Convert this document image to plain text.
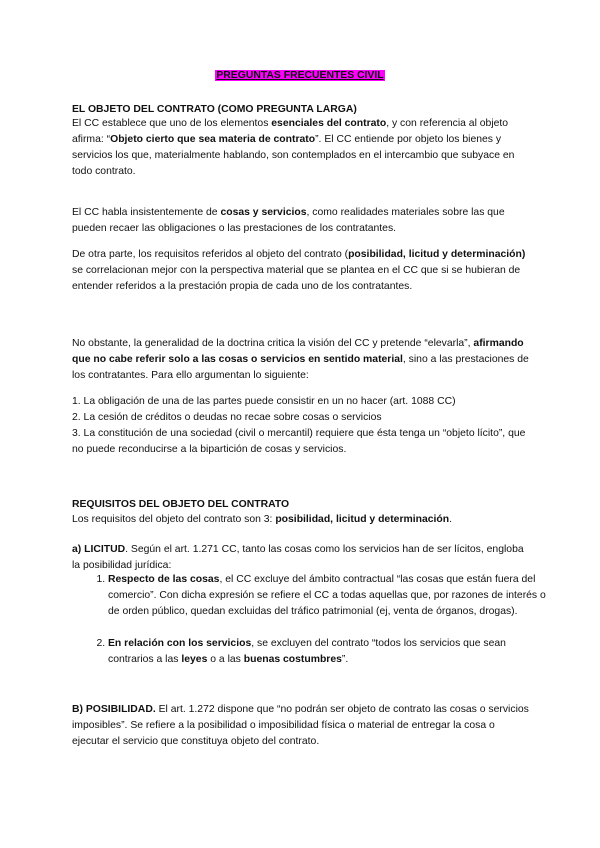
PREGUNTAS FRECUENTES CIVIL

EL OBJETO DEL CONTRATO (COMO PREGUNTA LARGA)

El CC establece que uno de los elementos esenciales del contrato, y con referencia al objeto afirma: “Objeto cierto que sea materia de contrato”. El CC entiende por objeto los bienes y servicios los que, materialmente hablando, son contemplados en el intercambio que subyace en todo contrato.

El CC habla insistentemente de cosas y servicios, como realidades materiales sobre las que pueden recaer las obligaciones o las prestaciones de los contratantes.

De otra parte, los requisitos referidos al objeto del contrato (posibilidad, licitud y determinación) se correlacionan mejor con la perspectiva material que se plantea en el CC que si se hubieran de entender referidos a la prestación propia de cada uno de los contratantes.

No obstante, la generalidad de la doctrina critica la visión del CC y pretende “elevarla”, afirmando que no cabe referir solo a las cosas o servicios en sentido material, sino a las prestaciones de los contratantes. Para ello argumentan lo siguiente:

1. La obligación de una de las partes puede consistir en un no hacer (art. 1088 CC)
2. La cesión de créditos o deudas no recae sobre cosas o servicios
3. La constitución de una sociedad (civil o mercantil) requiere que ésta tenga un “objeto lícito”, que no puede reconducirse a la bipartición de cosas y servicios.

REQUISITOS DEL OBJETO DEL CONTRATO

Los requisitos del objeto del contrato son 3: posibilidad, licitud y determinación.

a) LICITUD. Según el art. 1.271 CC, tanto las cosas como los servicios han de ser lícitos, engloba la posibilidad jurídica:

1. Respecto de las cosas, el CC excluye del ámbito contractual “las cosas que están fuera del comercio”. Con dicha expresión se refiere el CC a todas aquellas que, por razones de interés o de orden público, quedan excluidas del tráfico patrimonial (ej, venta de órganos, drogas).
2. En relación con los servicios, se excluyen del contrato “todos los servicios que sean contrarios a las leyes o a las buenas costumbres”.

B) POSIBILIDAD. El art. 1.272 dispone que “no podrán ser objeto de contrato las cosas o servicios imposibles”. Se refiere a la posibilidad o imposibilidad física o material de entregar la cosa o ejecutar el servicio que constituya objeto del contrato.
